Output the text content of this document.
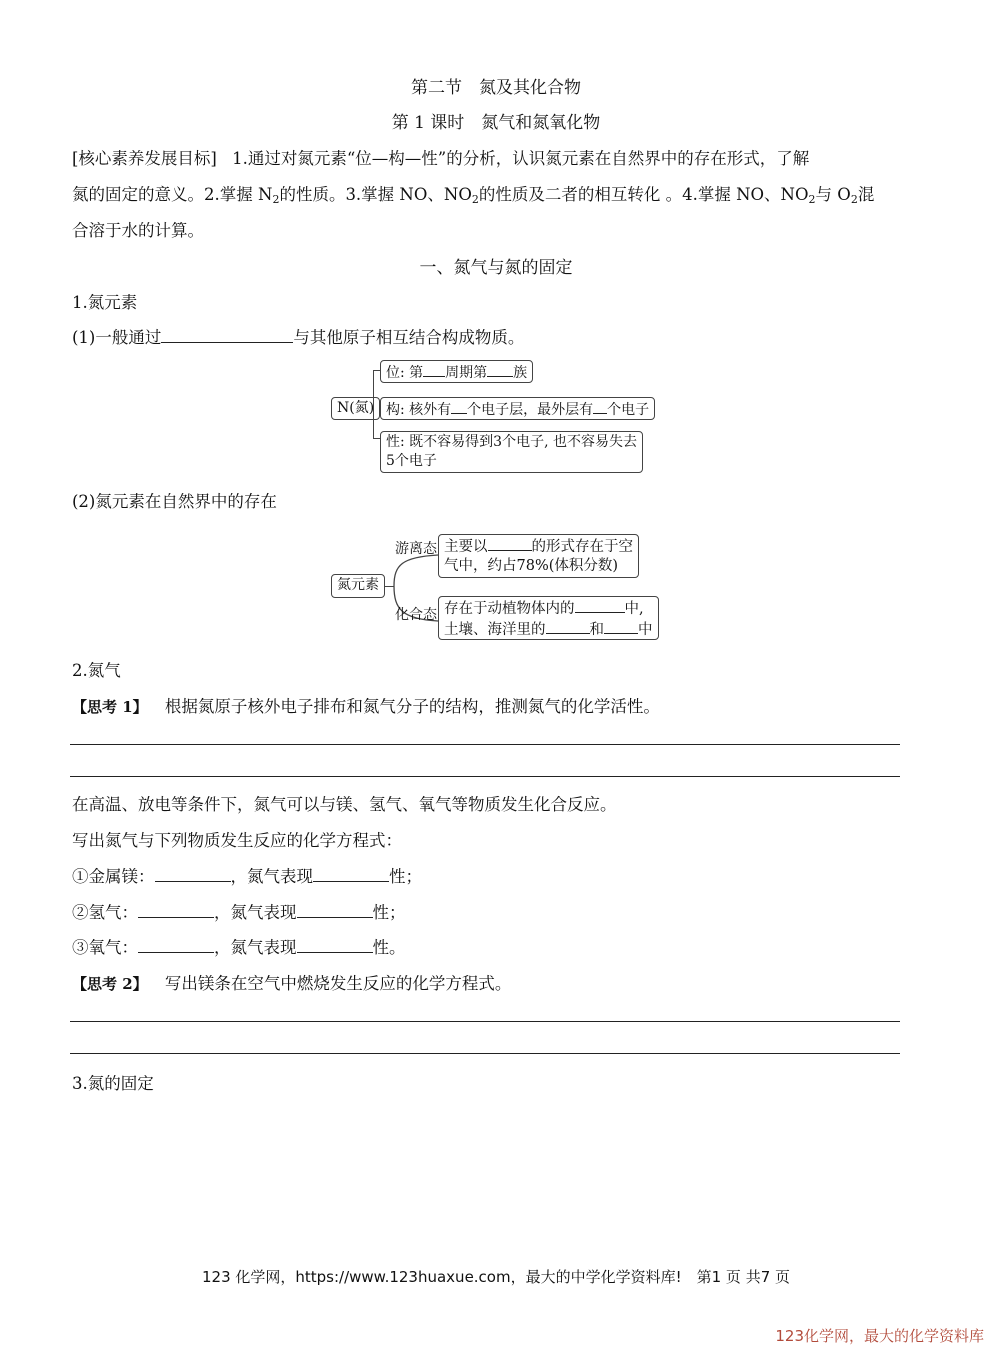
第二节　氮及其化合物
第 1 课时　氮气和氮氧化物
[核心素养发展目标] 1.通过对氮元素“位—构—性”的分析，认识氮元素在自然界中的存在形式，了解
氮的固定的意义。2.掌握 $N_2$的性质。3.掌握 NO、$NO_2$的性质及二者的相互转化 。4.掌握 NO、$NO_2$与 $O_2$混
合溶于水的计算。
一、氮气与氮的固定
1.氮元素
(1)一般通过	与其他原子相互结合构成物质。
N(氮)
位: 第 周期第 族
构: 核外有 个电子层，最外层有 个电子
性: 既不容易得到3个电子, 也不容易失去
5个电子
(2)氮元素在自然界中的存在
氮元素
游离态
化合态
主要以	的形式存在于空
气中，约占78%(体积分数)
存在于动植物体内的	中,
土壤、海洋里的	和 中
2.氮气
【思考 1】 根据氮原子核外电子排布和氮气分子的结构，推测氮气的化学活性。
在高温、放电等条件下，氮气可以与镁、氢气、氧气等物质发生化合反应。
写出氮气与下列物质发生反应的化学方程式：
①金属镁：	，氮气表现	性；
②氢气：	，氮气表现	性；
③氧气：	，氮气表现	性。
【思考 2】 写出镁条在空气中燃烧发生反应的化学方程式。
3.氮的固定
123 化学网，https://www.123huaxue.com，最大的中学化学资料库!　第1 页 共7 页
123化学网，最大的化学资料库
